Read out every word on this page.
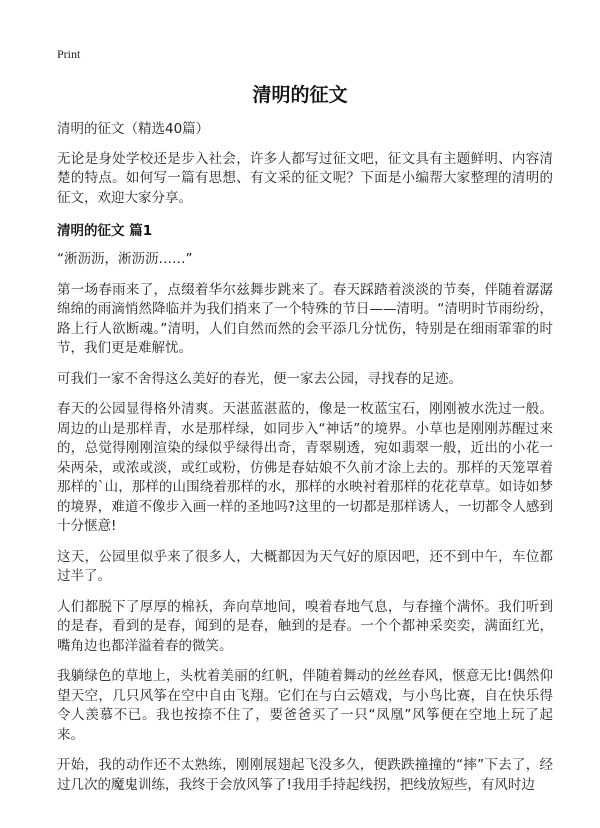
Print
清明的征文

清明的征文（精选40篇）

无论是身处学校还是步入社会，许多人都写过征文吧，征文具有主题鲜明、内容清楚的特点。如何写一篇有思想、有文采的征文呢？下面是小编帮大家整理的清明的征文，欢迎大家分享。

清明的征文 篇1

“淅沥沥，淅沥沥……”

第一场春雨来了，点缀着华尔兹舞步跳来了。春天踩踏着淡淡的节奏，伴随着潺潺绵绵的雨滴悄然降临并为我们捎来了一个特殊的节日——清明。“清明时节雨纷纷，路上行人欲断魂。”清明，人们自然而然的会平添几分忧伤，特别是在细雨霏霏的时节，我们更是难解忧。

可我们一家不舍得这么美好的春光，便一家去公园，寻找春的足迹。

春天的公园显得格外清爽。天湛蓝湛蓝的，像是一枚蓝宝石，刚刚被水洗过一般。周边的山是那样青，水是那样绿，如同步入“神话”的境界。小草也是刚刚苏醒过来的，总觉得刚刚渲染的绿似乎绿得出奇，青翠剔透，宛如翡翠一般，近出的小花一朵两朵，或浓或淡，或红或粉，仿佛是春姑娘不久前才涂上去的。那样的天笼罩着那样的`山，那样的山围绕着那样的水，那样的水映衬着那样的花花草草。如诗如梦的境界，难道不像步入画一样的圣地吗?这里的一切都是那样诱人，一切都令人感到十分惬意!

这天，公园里似乎来了很多人，大概都因为天气好的原因吧，还不到中午，车位都过半了。

人们都脱下了厚厚的棉袄，奔向草地间，嗅着春地气息，与春撞个满怀。我们听到的是春，看到的是春，闻到的是春，触到的是春。一个个都神采奕奕，满面红光，嘴角边也都洋溢着春的微笑。

我躺绿色的草地上，头枕着美丽的红帆，伴随着舞动的丝丝春风，惬意无比!偶然仰望天空，几只风筝在空中自由飞翔。它们在与白云嬉戏，与小鸟比赛，自在快乐得令人羡慕不已。我也按捺不住了，要爸爸买了一只“凤凰”风筝便在空地上玩了起来。

开始，我的动作还不太熟练，刚刚展翅起飞没多久，便跌跌撞撞的“摔”下去了，经过几次的魔鬼训练，我终于会放风筝了!我用手持起线拐，把线放短些，有风时边
